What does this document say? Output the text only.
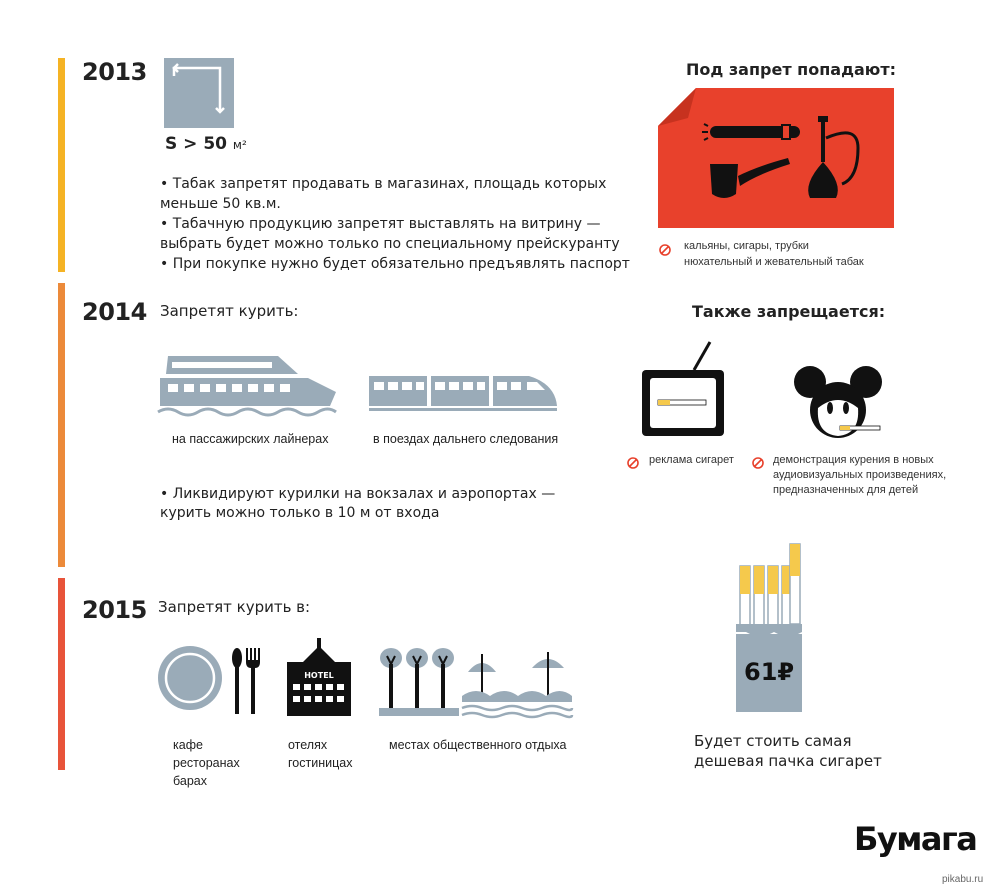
2013
S > 50 м²
• Табак запретят продавать в магазинах, площадь которых
меньше 50 кв.м.
• Табачную продукцию запретят выставлять на витрину —
выбрать будет можно только по специальному прейскуранту
• При покупке нужно будет обязательно предъявлять паспорт
Под запрет попадают:
кальяны, сигары, трубки
нюхательный и жевательный табак
2014 Запретят курить:
на пассажирских лайнерах	в поездах дальнего следования
• Ликвидируют курилки на вокзалах и аэропортах —
курить можно только в 10 м от входа
Также запрещается:
реклама сигарет	демонстрация курения в новых
аудиовизуальных произведениях,
предназначенных для детей
2015 Запретят курить в:
HOTEL
кафе
ресторанах
барах
отелях
гостиницах
местах общественного отдыха
61₽
Будет стоить самая
дешевая пачка сигарет
Бумага
pikabu.ru
